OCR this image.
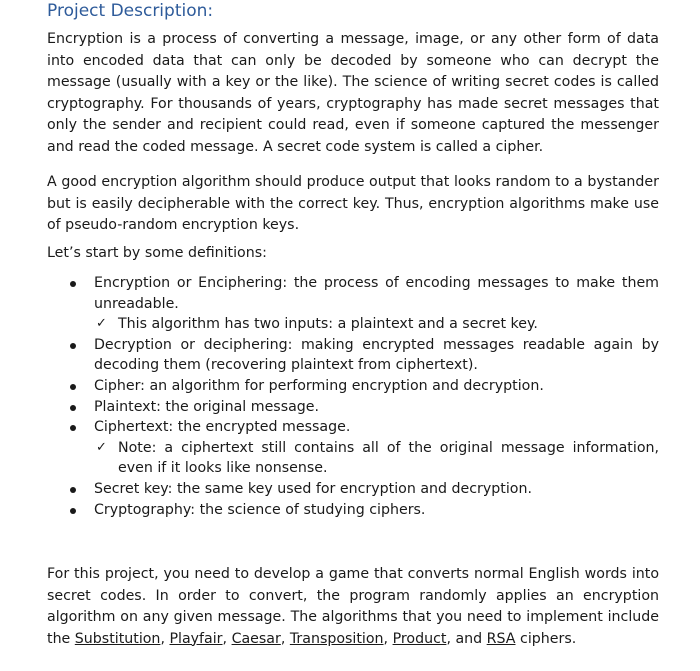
Project Description:

Encryption is a process of converting a message, image, or any other form of data into encoded data that can only be decoded by someone who can decrypt the message (usually with a key or the like). The science of writing secret codes is called cryptography. For thousands of years, cryptography has made secret messages that only the sender and recipient could read, even if someone captured the messenger and read the coded message. A secret code system is called a cipher.

A good encryption algorithm should produce output that looks random to a bystander but is easily decipherable with the correct key. Thus, encryption algorithms make use of pseudo-random encryption keys.

Let’s start by some definitions:

Encryption or Enciphering: the process of encoding messages to make them unreadable.
✓ This algorithm has two inputs: a plaintext and a secret key.
Decryption or deciphering: making encrypted messages readable again by decoding them (recovering plaintext from ciphertext).
Cipher: an algorithm for performing encryption and decryption.
Plaintext: the original message.
Ciphertext: the encrypted message.
✓ Note: a ciphertext still contains all of the original message information, even if it looks like nonsense.
Secret key: the same key used for encryption and decryption.
Cryptography: the science of studying ciphers.

For this project, you need to develop a game that converts normal English words into secret codes. In order to convert, the program randomly applies an encryption algorithm on any given message. The algorithms that you need to implement include the Substitution, Playfair, Caesar, Transposition, Product, and RSA ciphers.
